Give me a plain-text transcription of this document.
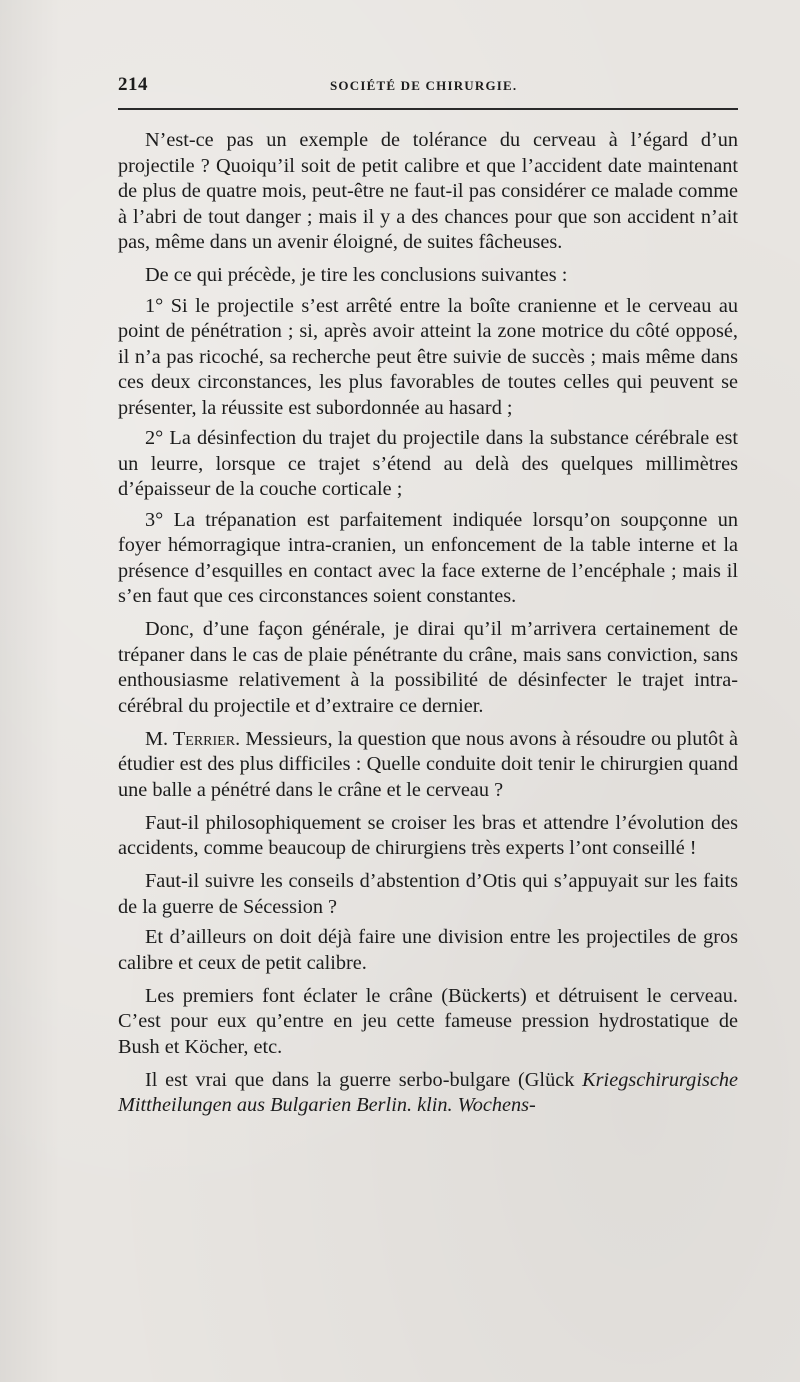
214	SOCIÉTÉ DE CHIRURGIE.

N’est-ce pas un exemple de tolérance du cerveau à l’égard d’un projectile ? Quoiqu’il soit de petit calibre et que l’accident date maintenant de plus de quatre mois, peut-être ne faut-il pas considérer ce malade comme à l’abri de tout danger ; mais il y a des chances pour que son accident n’ait pas, même dans un avenir éloigné, de suites fâcheuses.

De ce qui précède, je tire les conclusions suivantes :

1° Si le projectile s’est arrêté entre la boîte cranienne et le cerveau au point de pénétration ; si, après avoir atteint la zone motrice du côté opposé, il n’a pas ricoché, sa recherche peut être suivie de succès ; mais même dans ces deux circonstances, les plus favorables de toutes celles qui peuvent se présenter, la réussite est subordonnée au hasard ;

2° La désinfection du trajet du projectile dans la substance cérébrale est un leurre, lorsque ce trajet s’étend au delà des quelques millimètres d’épaisseur de la couche corticale ;

3° La trépanation est parfaitement indiquée lorsqu’on soupçonne un foyer hémorragique intra-cranien, un enfoncement de la table interne et la présence d’esquilles en contact avec la face externe de l’encéphale ; mais il s’en faut que ces circonstances soient constantes.

Donc, d’une façon générale, je dirai qu’il m’arrivera certainement de trépaner dans le cas de plaie pénétrante du crâne, mais sans conviction, sans enthousiasme relativement à la possibilité de désinfecter le trajet intra-cérébral du projectile et d’extraire ce dernier.

M. Terrier. Messieurs, la question que nous avons à résoudre ou plutôt à étudier est des plus difficiles : Quelle conduite doit tenir le chirurgien quand une balle a pénétré dans le crâne et le cerveau ?

Faut-il philosophiquement se croiser les bras et attendre l’évolution des accidents, comme beaucoup de chirurgiens très experts l’ont conseillé !

Faut-il suivre les conseils d’abstention d’Otis qui s’appuyait sur les faits de la guerre de Sécession ?

Et d’ailleurs on doit déjà faire une division entre les projectiles de gros calibre et ceux de petit calibre.

Les premiers font éclater le crâne (Bückerts) et détruisent le cerveau. C’est pour eux qu’entre en jeu cette fameuse pression hydrostatique de Bush et Köcher, etc.

Il est vrai que dans la guerre serbo-bulgare (Glück Kriegschirurgische Mittheilungen aus Bulgarien Berlin. klin. Wochens-
